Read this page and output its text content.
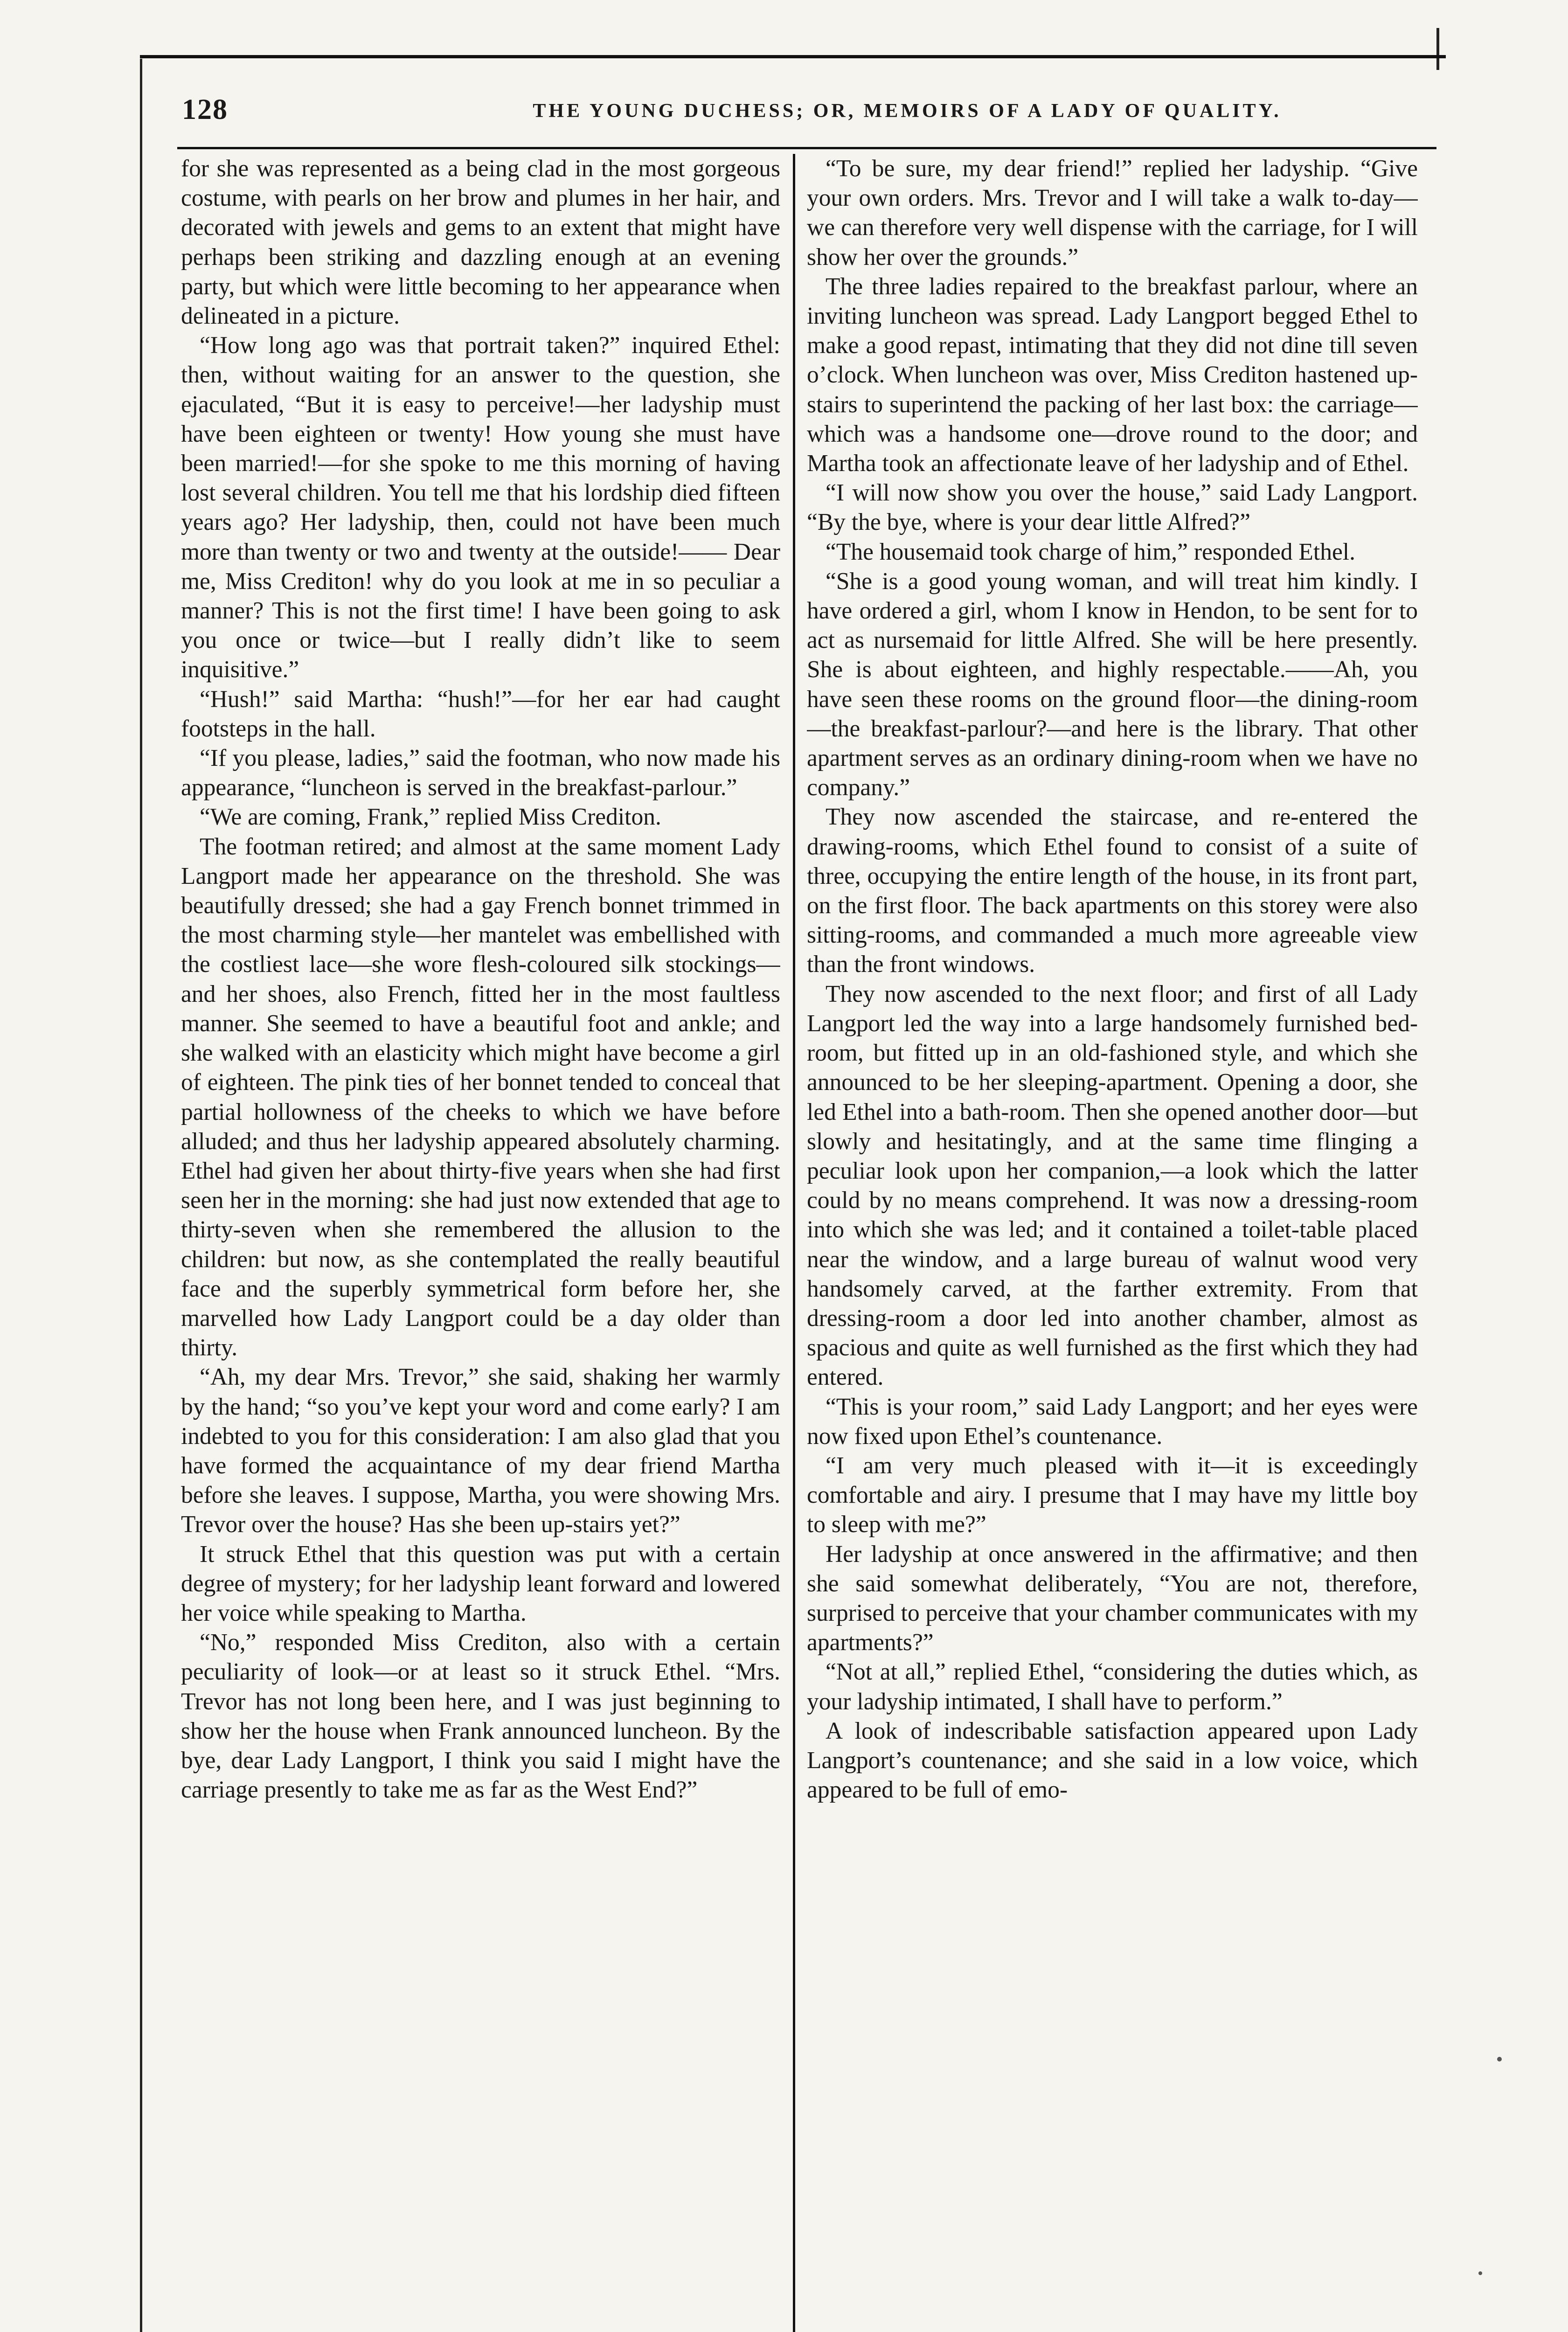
128	THE YOUNG DUCHESS; OR, MEMOIRS OF A LADY OF QUALITY.

for she was represented as a being clad in the most gorgeous costume, with pearls on her brow and plumes in her hair, and decorated with jewels and gems to an extent that might have perhaps been striking and dazzling enough at an evening party, but which were little becoming to her appearance when delineated in a picture.

“How long ago was that portrait taken?” inquired Ethel: then, without waiting for an answer to the question, she ejaculated, “But it is easy to perceive!—her ladyship must have been eighteen or twenty! How young she must have been married!—for she spoke to me this morning of having lost several children. You tell me that his lordship died fifteen years ago? Her ladyship, then, could not have been much more than twenty or two and twenty at the outside!—— Dear me, Miss Crediton! why do you look at me in so peculiar a manner? This is not the first time! I have been going to ask you once or twice—but I really didn’t like to seem inquisitive.”

“Hush!” said Martha: “hush!”—for her ear had caught footsteps in the hall.

“If you please, ladies,” said the footman, who now made his appearance, “luncheon is served in the breakfast-parlour.”

“We are coming, Frank,” replied Miss Crediton.

The footman retired; and almost at the same moment Lady Langport made her appearance on the threshold. She was beautifully dressed; she had a gay French bonnet trimmed in the most charming style—her mantelet was embellished with the costliest lace—she wore flesh-coloured silk stockings—and her shoes, also French, fitted her in the most faultless manner. She seemed to have a beautiful foot and ankle; and she walked with an elasticity which might have become a girl of eighteen. The pink ties of her bonnet tended to conceal that partial hollowness of the cheeks to which we have before alluded; and thus her ladyship appeared absolutely charming. Ethel had given her about thirty-five years when she had first seen her in the morning: she had just now extended that age to thirty-seven when she remembered the allusion to the children: but now, as she contemplated the really beautiful face and the superbly symmetrical form before her, she marvelled how Lady Langport could be a day older than thirty.

“Ah, my dear Mrs. Trevor,” she said, shaking her warmly by the hand; “so you’ve kept your word and come early? I am indebted to you for this consideration: I am also glad that you have formed the acquaintance of my dear friend Martha before she leaves. I suppose, Martha, you were showing Mrs. Trevor over the house? Has she been up-stairs yet?”

It struck Ethel that this question was put with a certain degree of mystery; for her ladyship leant forward and lowered her voice while speaking to Martha.

“No,” responded Miss Crediton, also with a certain peculiarity of look—or at least so it struck Ethel. “Mrs. Trevor has not long been here, and I was just beginning to show her the house when Frank announced luncheon. By the bye, dear Lady Langport, I think you said I might have the carriage presently to take me as far as the West End?”

“To be sure, my dear friend!” replied her ladyship. “Give your own orders. Mrs. Trevor and I will take a walk to-day—we can therefore very well dispense with the carriage, for I will show her over the grounds.”

The three ladies repaired to the breakfast parlour, where an inviting luncheon was spread. Lady Langport begged Ethel to make a good repast, intimating that they did not dine till seven o’clock. When luncheon was over, Miss Crediton hastened up-stairs to superintend the packing of her last box: the carriage—which was a handsome one—drove round to the door; and Martha took an affectionate leave of her ladyship and of Ethel.

“I will now show you over the house,” said Lady Langport. “By the bye, where is your dear little Alfred?”

“The housemaid took charge of him,” responded Ethel.

“She is a good young woman, and will treat him kindly. I have ordered a girl, whom I know in Hendon, to be sent for to act as nursemaid for little Alfred. She will be here presently. She is about eighteen, and highly respectable.——Ah, you have seen these rooms on the ground floor—the dining-room—the breakfast-parlour?—and here is the library. That other apartment serves as an ordinary dining-room when we have no company.”

They now ascended the staircase, and re-entered the drawing-rooms, which Ethel found to consist of a suite of three, occupying the entire length of the house, in its front part, on the first floor. The back apartments on this storey were also sitting-rooms, and commanded a much more agreeable view than the front windows.

They now ascended to the next floor; and first of all Lady Langport led the way into a large handsomely furnished bed-room, but fitted up in an old-fashioned style, and which she announced to be her sleeping-apartment. Opening a door, she led Ethel into a bath-room. Then she opened another door—but slowly and hesitatingly, and at the same time flinging a peculiar look upon her companion,—a look which the latter could by no means comprehend. It was now a dressing-room into which she was led; and it contained a toilet-table placed near the window, and a large bureau of walnut wood very handsomely carved, at the farther extremity. From that dressing-room a door led into another chamber, almost as spacious and quite as well furnished as the first which they had entered.

“This is your room,” said Lady Langport; and her eyes were now fixed upon Ethel’s countenance.

“I am very much pleased with it—it is exceedingly comfortable and airy. I presume that I may have my little boy to sleep with me?”

Her ladyship at once answered in the affirmative; and then she said somewhat deliberately, “You are not, therefore, surprised to perceive that your chamber communicates with my apartments?”

“Not at all,” replied Ethel, “considering the duties which, as your ladyship intimated, I shall have to perform.”

A look of indescribable satisfaction appeared upon Lady Langport’s countenance; and she said in a low voice, which appeared to be full of emo-
